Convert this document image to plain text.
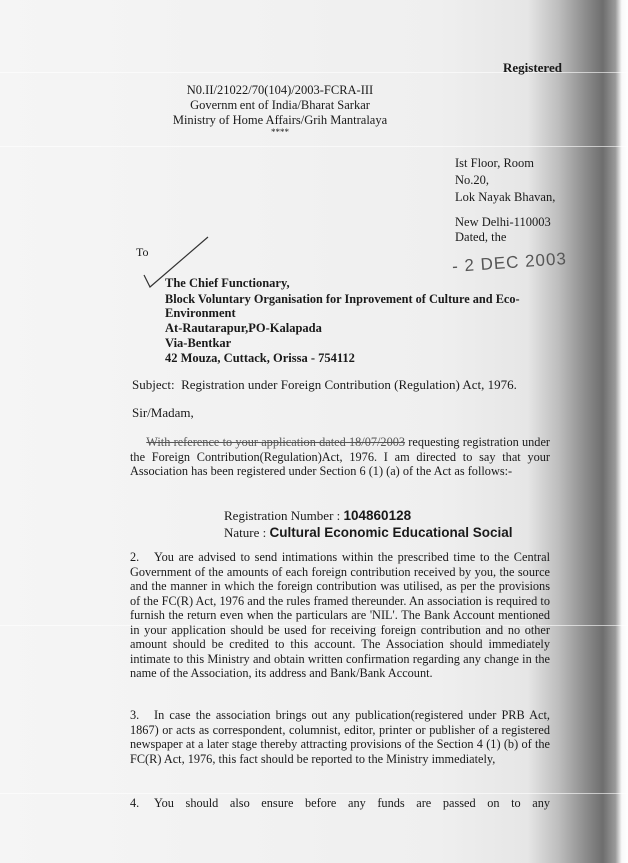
Registered
N0.II/21022/70(104)/2003-FCRA-III
Governm ent of India/Bharat Sarkar
Ministry of Home Affairs/Grih Mantralaya
****
Ist Floor, Room
No.20,
Lok Nayak Bhavan,
New Delhi-110003
Dated, the
- 2 DEC 2003
To
The Chief Functionary,
Block Voluntary Organisation for Inprovement of Culture and Eco-
Environment
At-Rautarapur,PO-Kalapada
Via-Bentkar
42 Mouza, Cuttack, Orissa - 754112
Subject: Registration under Foreign Contribution (Regulation) Act, 1976.
Sir/Madam,
With reference to your application dated 18/07/2003 requesting registration under the Foreign Contribution(Regulation)Act, 1976. I am directed to say that your Association has been registered under Section 6 (1) (a) of the Act as follows:-
Registration Number : 104860128
Nature : Cultural Economic Educational Social
2. You are advised to send intimations within the prescribed time to the Central Government of the amounts of each foreign contribution received by you, the source and the manner in which the foreign contribution was utilised, as per the provisions of the FC(R) Act, 1976 and the rules framed thereunder. An association is required to furnish the return even when the particulars are 'NIL'. The Bank Account mentioned in your application should be used for receiving foreign contribution and no other amount should be credited to this account. The Association should immediately intimate to this Ministry and obtain written confirmation regarding any change in the name of the Association, its address and Bank/Bank Account.
3. In case the association brings out any publication(registered under PRB Act, 1867) or acts as correspondent, columnist, editor, printer or publisher of a registered newspaper at a later stage thereby attracting provisions of the Section 4 (1) (b) of the FC(R) Act, 1976, this fact should be reported to the Ministry immediately,
4. You should also ensure before any funds are passed on to any
